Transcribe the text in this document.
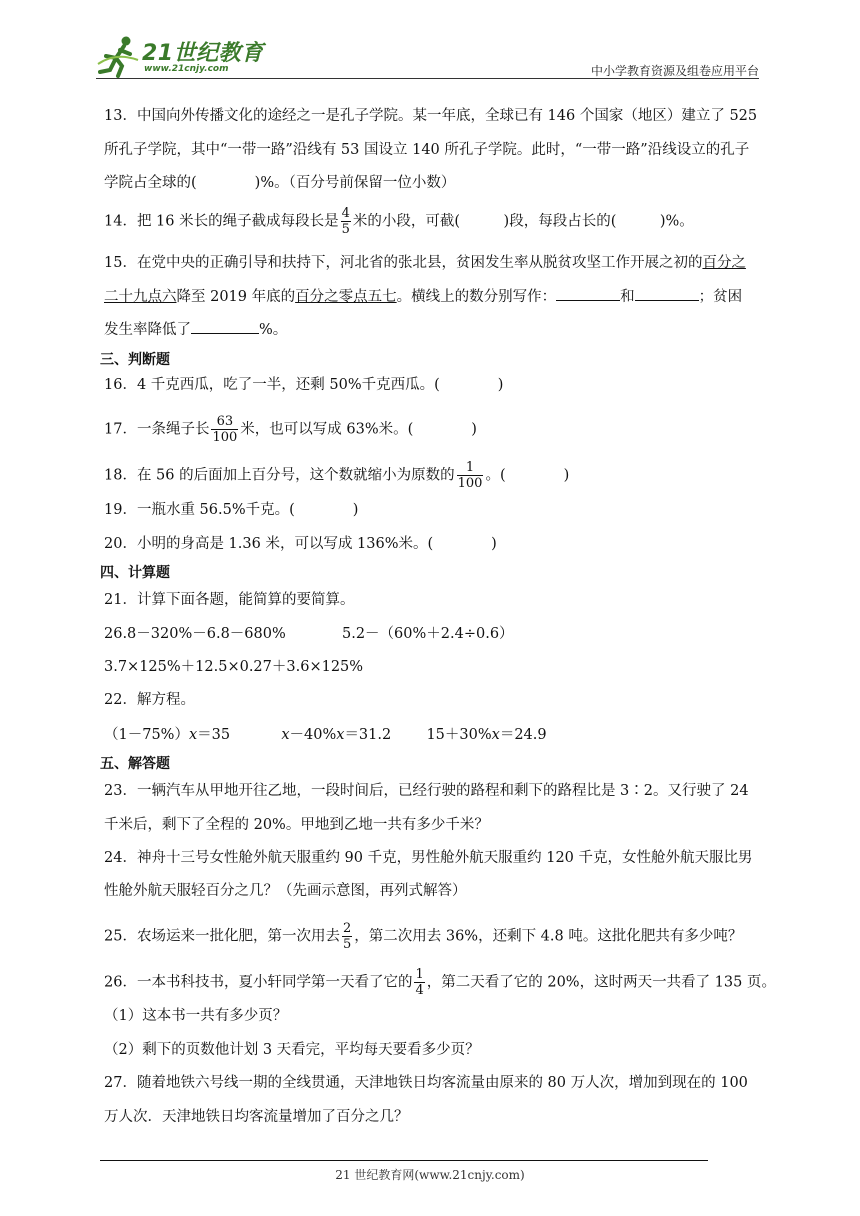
21世纪教育
www.21cnjy.com	中小学教育资源及组卷应用平台
13．中国向外传播文化的途经之一是孔子学院。某一年底，全球已有 146 个国家（地区）建立了 525
所孔子学院，其中“一带一路”沿线有 53 国设立 140 所孔子学院。此时，“一带一路”沿线设立的孔子
学院占全球的(　　　　)%。（百分号前保留一位小数）
14．把 16 米长的绳子截成每段长是 $\frac{4}{5}$ 米的小段，可截(　　　)段，每段占长的(　　　)%。
15．在党中央的正确引导和扶持下，河北省的张北县，贫困发生率从脱贫攻坚工作开展之初的百分之
二十九点六降至 2019 年底的百分之零点五七。横线上的数分别写作：	和	；贫困
发生率降低了	%。
三、判断题
16．4 千克西瓜，吃了一半，还剩 50%千克西瓜。(　　　　)
17．一条绳子长 $\frac{63}{100}$ 米，也可以写成 63%米。(　　　　)
18．在 56 的后面加上百分号，这个数就缩小为原数的 $\frac{1}{100}$ 。(　　　　)
19．一瓶水重 56.5%千克。(　　　　)
20．小明的身高是 1.36 米，可以写成 136%米。(　　　　)
四、计算题
21．计算下面各题，能简算的要简算。
26.8－320%－6.8－680%	5.2－（60%＋2.4÷0.6）
3.7×125%＋12.5×0.27＋3.6×125%
22．解方程。
（1－75%）x＝35	x－40%x＝31.2 15＋30%x＝24.9
五、解答题
23．一辆汽车从甲地开往乙地，一段时间后，已经行驶的路程和剩下的路程比是 3∶2。又行驶了 24
千米后，剩下了全程的 20%。甲地到乙地一共有多少千米？
24．神舟十三号女性舱外航天服重约 90 千克，男性舱外航天服重约 120 千克，女性舱外航天服比男
性舱外航天服轻百分之几？（先画示意图，再列式解答）
25．农场运来一批化肥，第一次用去 $\frac{2}{5}$ ，第二次用去 36%，还剩下 4.8 吨。这批化肥共有多少吨？
26．一本书科技书，夏小轩同学第一天看了它的 $\frac{1}{4}$ ，第二天看了它的 20%，这时两天一共看了 135 页。
（1）这本书一共有多少页？
（2）剩下的页数他计划 3 天看完，平均每天要看多少页？
27．随着地铁六号线一期的全线贯通，天津地铁日均客流量由原来的 80 万人次，增加到现在的 100
万人次．天津地铁日均客流量增加了百分之几？
21 世纪教育网(www.21cnjy.com)
